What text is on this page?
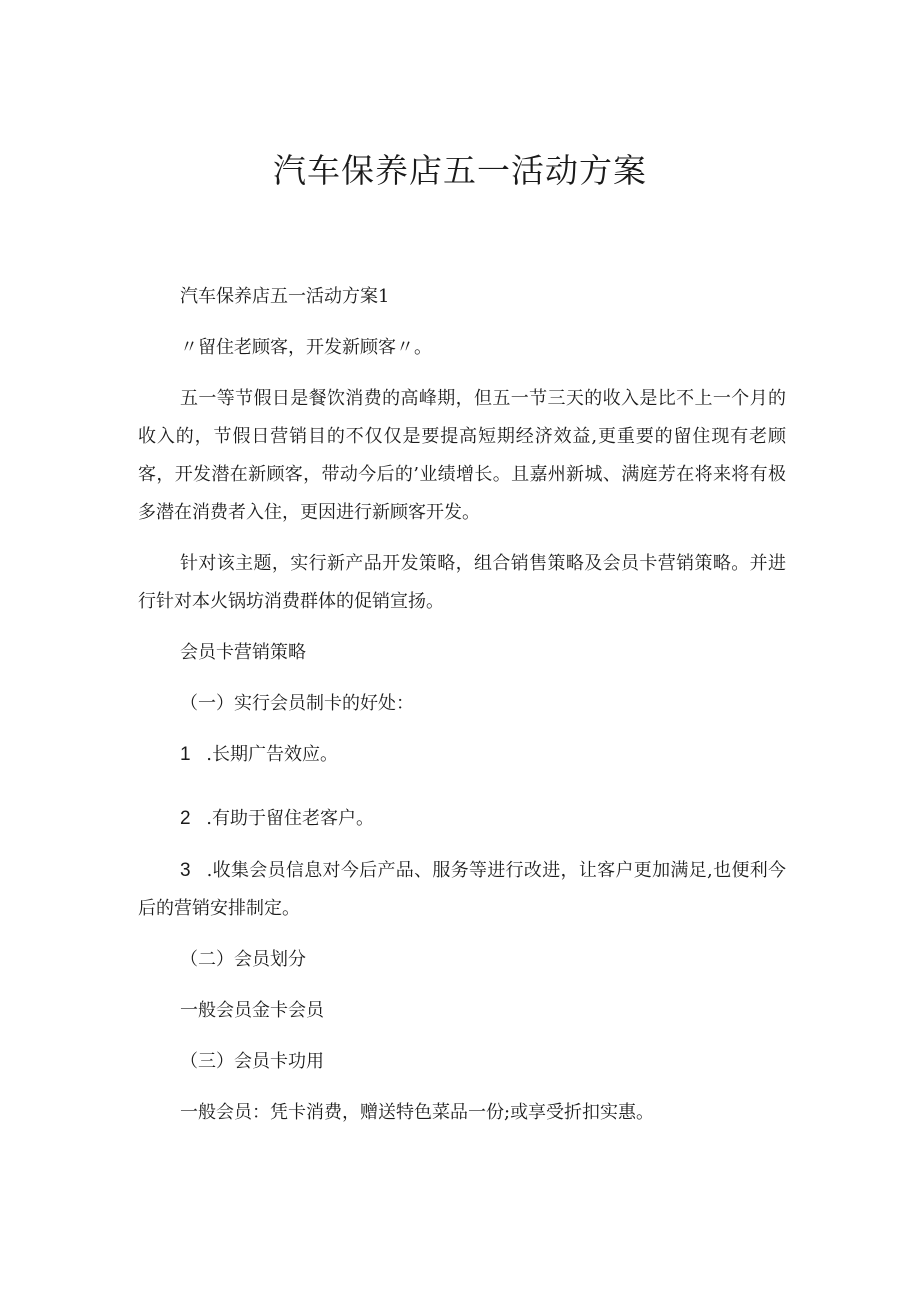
汽车保养店五一活动方案

汽车保养店五一活动方案1

〃留住老顾客，开发新顾客〃。

五一等节假日是餐饮消费的高峰期，但五一节三天的收入是比不上一个月的收入的，节假日营销目的不仅仅是要提高短期经济效益,更重要的留住现有老顾客，开发潜在新顾客，带动今后的’业绩增长。且嘉州新城、满庭芳在将来将有极多潜在消费者入住，更因进行新顾客开发。

针对该主题，实行新产品开发策略，组合销售策略及会员卡营销策略。并进行针对本火锅坊消费群体的促销宣扬。

会员卡营销策略

（一）实行会员制卡的好处：

1 .长期广告效应。

2 .有助于留住老客户。

3 .收集会员信息对今后产品、服务等进行改进，让客户更加满足,也便利今后的营销安排制定。

（二）会员划分

一般会员金卡会员

（三）会员卡功用

一般会员：凭卡消费，赠送特色菜品一份;或享受折扣实惠。
